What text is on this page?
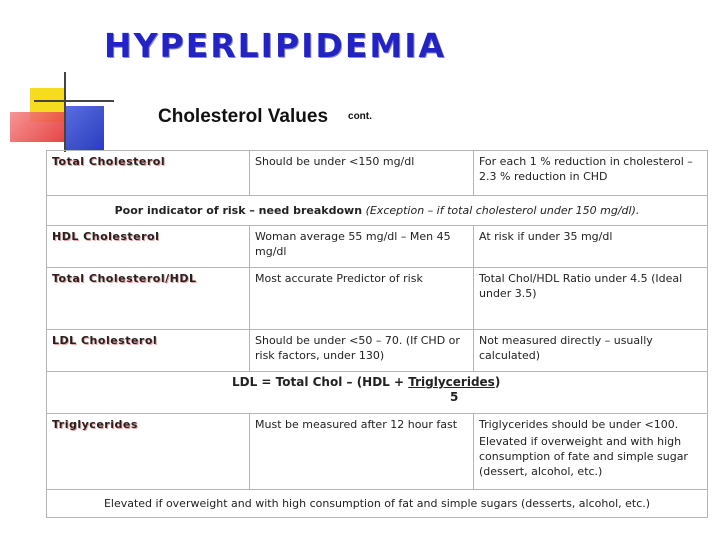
HYPERLIPIDEMIA
Cholesterol Values cont.
Total Cholesterol	Should be under <150 mg/dl	For each 1 % reduction in cholesterol – 2.3 % reduction in CHD
Poor indicator of risk – need breakdown (Exception – if total cholesterol under 150 mg/dl).		
HDL Cholesterol	Woman average 55 mg/dl – Men 45 mg/dl	At risk if under 35 mg/dl
Total Cholesterol/HDL	Most accurate Predictor of risk	Total Chol/HDL Ratio under 4.5 (Ideal under 3.5)
LDL Cholesterol	Should be under <50 – 70. (If CHD or risk factors, under 130)	Not measured directly – usually calculated)

LDL = Total Chol – (HDL + Triglycerides)
5		

Triglycerides	Must be measured after 12 hour fast	Triglycerides should be under <100.
Elevated if overweight and with high consumption of fate and simple sugar (dessert, alcohol, etc.)

Elevated if overweight and with high consumption of fat and simple sugars (desserts, alcohol, etc.)		
